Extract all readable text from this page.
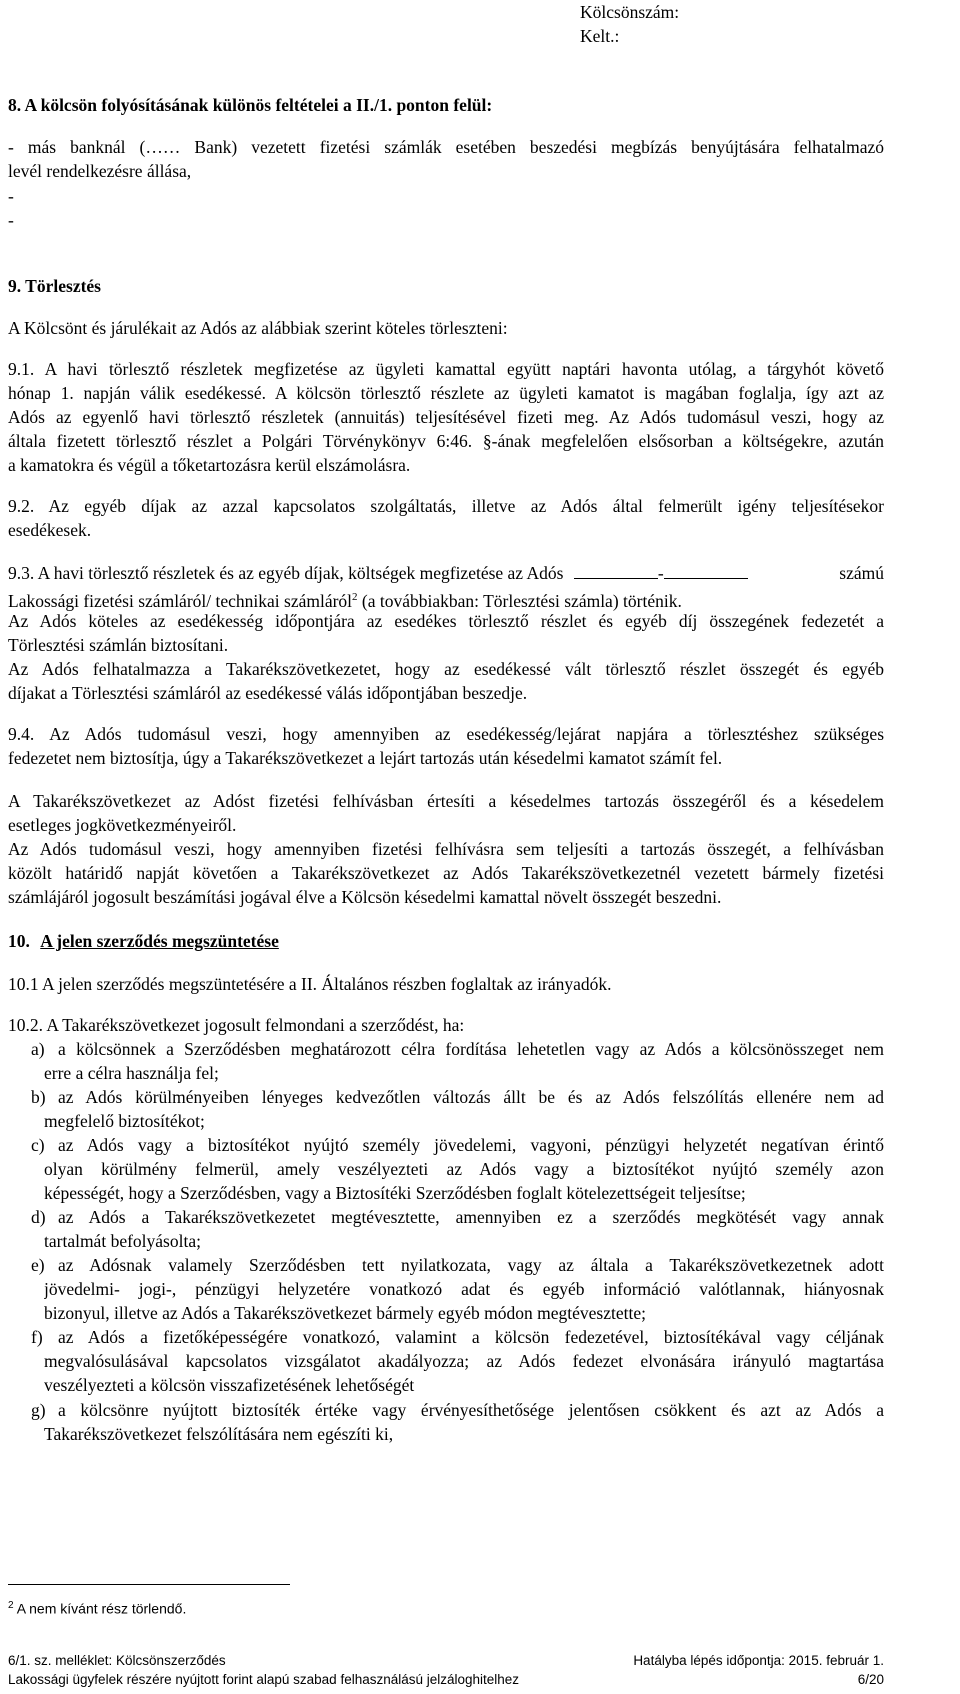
Kölcsönszám:
Kelt.:
8. A kölcsön folyósításának különös feltételei a II./1. ponton felül:
- más banknál (…… Bank) vezetett fizetési számlák esetében beszedési megbízás benyújtására felhatalmazó
levél rendelkezésre állása,
-
-
9. Törlesztés
A Kölcsönt és járulékait az Adós az alábbiak szerint köteles törleszteni:
9.1. A havi törlesztő részletek megfizetése az ügyleti kamattal együtt naptári havonta utólag, a tárgyhót követő
hónap 1. napján válik esedékessé. A kölcsön törlesztő részlete az ügyleti kamatot is magában foglalja, így azt az
Adós az egyenlő havi törlesztő részletek (annuitás) teljesítésével fizeti meg. Az Adós tudomásul veszi, hogy az
általa fizetett törlesztő részlet a Polgári Törvénykönyv 6:46. §-ának megfelelően elsősorban a költségekre, azután
a kamatokra és végül a tőketartozásra kerül elszámolásra.
9.2. Az egyéb díjak az azzal kapcsolatos szolgáltatás, illetve az Adós által felmerült igény teljesítésekor
esedékesek.
9.3. A havi törlesztő részletek és az egyéb díjak, költségek megfizetése az Adós	-	számú
Lakossági fizetési számláról/ technikai számláról$^2$ (a továbbiakban: Törlesztési számla) történik.
Az Adós köteles az esedékesség időpontjára az esedékes törlesztő részlet és egyéb díj összegének fedezetét a
Törlesztési számlán biztosítani.
Az Adós felhatalmazza a Takarékszövetkezetet, hogy az esedékessé vált törlesztő részlet összegét és egyéb
díjakat a Törlesztési számláról az esedékessé válás időpontjában beszedje.
9.4. Az Adós tudomásul veszi, hogy amennyiben az esedékesség/lejárat napjára a törlesztéshez szükséges
fedezetet nem biztosítja, úgy a Takarékszövetkezet a lejárt tartozás után késedelmi kamatot számít fel.
A Takarékszövetkezet az Adóst fizetési felhívásban értesíti a késedelmes tartozás összegéről és a késedelem
esetleges jogkövetkezményeiről.
Az Adós tudomásul veszi, hogy amennyiben fizetési felhívásra sem teljesíti a tartozás összegét, a felhívásban
közölt határidő napját követően a Takarékszövetkezet az Adós Takarékszövetkezetnél vezetett bármely fizetési
számlájáról jogosult beszámítási jogával élve a Kölcsön késedelmi kamattal növelt összegét beszedni.
10. A jelen szerződés megszüntetése
10.1 A jelen szerződés megszüntetésére a II. Általános részben foglaltak az irányadók.
10.2. A Takarékszövetkezet jogosult felmondani a szerződést, ha:
a) a kölcsönnek a Szerződésben meghatározott célra fordítása lehetetlen vagy az Adós a kölcsönösszeget nem
erre a célra használja fel;
b) az Adós körülményeiben lényeges kedvezőtlen változás állt be és az Adós felszólítás ellenére nem ad
megfelelő biztosítékot;
c) az Adós vagy a biztosítékot nyújtó személy jövedelemi, vagyoni, pénzügyi helyzetét negatívan érintő
olyan körülmény felmerül, amely veszélyezteti az Adós vagy a biztosítékot nyújtó személy azon
képességét, hogy a Szerződésben, vagy a Biztosítéki Szerződésben foglalt kötelezettségeit teljesítse;
d) az Adós a Takarékszövetkezetet megtévesztette, amennyiben ez a szerződés megkötését vagy annak
tartalmát befolyásolta;
e) az Adósnak valamely Szerződésben tett nyilatkozata, vagy az általa a Takarékszövetkezetnek adott
jövedelmi- jogi-, pénzügyi helyzetére vonatkozó adat és egyéb információ valótlannak, hiányosnak
bizonyul, illetve az Adós a Takarékszövetkezet bármely egyéb módon megtévesztette;
f) az Adós a fizetőképességére vonatkozó, valamint a kölcsön fedezetével, biztosítékával vagy céljának
megvalósulásával kapcsolatos vizsgálatot akadályozza; az Adós fedezet elvonására irányuló magtartása
veszélyezteti a kölcsön visszafizetésének lehetőségét
g) a kölcsönre nyújtott biztosíték értéke vagy érvényesíthetősége jelentősen csökkent és azt az Adós a
Takarékszövetkezet felszólítására nem egészíti ki,
$^2$ A nem kívánt rész törlendő.
6/1. sz. melléklet: Kölcsönszerződés	Hatályba lépés időpontja: 2015. február 1.
Lakossági ügyfelek részére nyújtott forint alapú szabad felhasználású jelzáloghitelhez	6/20
